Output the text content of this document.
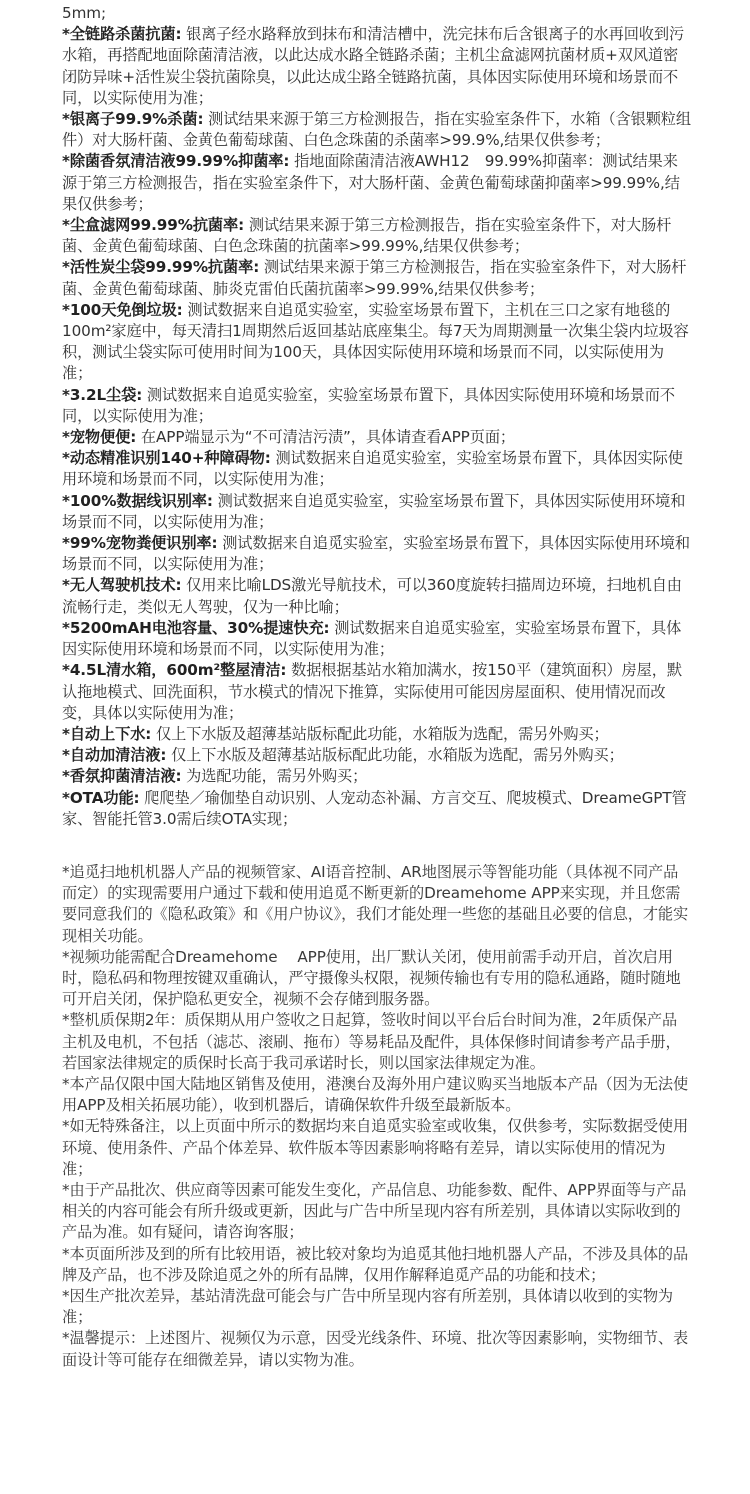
5mm;

*全链路杀菌抗菌: 银离子经水路释放到抹布和清洁槽中，洗完抹布后含银离子的水再回收到污水箱，再搭配地面除菌清洁液，以此达成水路全链路杀菌；主机尘盒滤网抗菌材质+双风道密闭防异味+活性炭尘袋抗菌除臭，以此达成尘路全链路抗菌，具体因实际使用环境和场景而不同，以实际使用为准；

*银离子99.9%杀菌: 测试结果来源于第三方检测报告，指在实验室条件下，水箱（含银颗粒组件）对大肠杆菌、金黄色葡萄球菌、白色念珠菌的杀菌率>99.9%,结果仅供参考；

*除菌香氛清洁液99.99%抑菌率: 指地面除菌清洁液AWH12　99.99%抑菌率：测试结果来源于第三方检测报告，指在实验室条件下，对大肠杆菌、金黄色葡萄球菌抑菌率>99.99%,结果仅供参考；

*尘盒滤网99.99%抗菌率: 测试结果来源于第三方检测报告，指在实验室条件下，对大肠杆菌、金黄色葡萄球菌、白色念珠菌的抗菌率>99.99%,结果仅供参考；

*活性炭尘袋99.99%抗菌率: 测试结果来源于第三方检测报告，指在实验室条件下，对大肠杆菌、金黄色葡萄球菌、肺炎克雷伯氏菌抗菌率>99.99%,结果仅供参考；

*100天免倒垃圾: 测试数据来自追觅实验室，实验室场景布置下，主机在三口之家有地毯的100m²家庭中，每天清扫1周期然后返回基站底座集尘。每7天为周期测量一次集尘袋内垃圾容积，测试尘袋实际可使用时间为100天，具体因实际使用环境和场景而不同，以实际使用为准；

*3.2L尘袋: 测试数据来自追觅实验室，实验室场景布置下，具体因实际使用环境和场景而不同，以实际使用为准；

*宠物便便: 在APP端显示为“不可清洁污渍”，具体请查看APP页面；

*动态精准识别140+种障碍物: 测试数据来自追觅实验室，实验室场景布置下，具体因实际使用环境和场景而不同，以实际使用为准；

*100%数据线识别率: 测试数据来自追觅实验室，实验室场景布置下，具体因实际使用环境和场景而不同，以实际使用为准；

*99%宠物粪便识别率: 测试数据来自追觅实验室，实验室场景布置下，具体因实际使用环境和场景而不同，以实际使用为准；

*无人驾驶机技术: 仅用来比喻LDS激光导航技术，可以360度旋转扫描周边环境，扫地机自由流畅行走，类似无人驾驶，仅为一种比喻；

*5200mAH电池容量、30%提速快充: 测试数据来自追觅实验室，实验室场景布置下，具体因实际使用环境和场景而不同，以实际使用为准；

*4.5L清水箱，600m²整屋清洁: 数据根据基站水箱加满水，按150平（建筑面积）房屋，默认拖地模式、回洗面积，节水模式的情况下推算，实际使用可能因房屋面积、使用情况而改变，具体以实际使用为准；

*自动上下水: 仅上下水版及超薄基站版标配此功能，水箱版为选配，需另外购买；

*自动加清洁液: 仅上下水版及超薄基站版标配此功能，水箱版为选配，需另外购买；

*香氛抑菌清洁液: 为选配功能，需另外购买；

*OTA功能: 爬爬垫／瑜伽垫自动识别、人宠动态补漏、方言交互、爬坡模式、DreameGPT管家、智能托管3.0需后续OTA实现；

*追觅扫地机机器人产品的视频管家、AI语音控制、AR地图展示等智能功能（具体视不同产品而定）的实现需要用户通过下载和使用追觅不断更新的Dreamehome APP来实现，并且您需要同意我们的《隐私政策》和《用户协议》，我们才能处理一些您的基础且必要的信息，才能实现相关功能。

*视频功能需配合Dreamehome　 APP使用，出厂默认关闭，使用前需手动开启，首次启用时，隐私码和物理按键双重确认，严守摄像头权限，视频传输也有专用的隐私通路，随时随地可开启关闭，保护隐私更安全，视频不会存储到服务器。

*整机质保期2年：质保期从用户签收之日起算，签收时间以平台后台时间为准，2年质保产品主机及电机，不包括（滤芯、滚刷、拖布）等易耗品及配件，具体保修时间请参考产品手册，若国家法律规定的质保时长高于我司承诺时长，则以国家法律规定为准。

*本产品仅限中国大陆地区销售及使用，港澳台及海外用户建议购买当地版本产品（因为无法使用APP及相关拓展功能），收到机器后，请确保软件升级至最新版本。

*如无特殊备注，以上页面中所示的数据均来自追觅实验室或收集，仅供参考，实际数据受使用环境、使用条件、产品个体差异、软件版本等因素影响将略有差异，请以实际使用的情况为准；

*由于产品批次、供应商等因素可能发生变化，产品信息、功能参数、配件、APP界面等与产品相关的内容可能会有所升级或更新，因此与广告中所呈现内容有所差别，具体请以实际收到的产品为准。如有疑问，请咨询客服；

*本页面所涉及到的所有比较用语，被比较对象均为追觅其他扫地机器人产品，不涉及具体的品牌及产品，也不涉及除追觅之外的所有品牌，仅用作解释追觅产品的功能和技术；

*因生产批次差异，基站清洗盘可能会与广告中所呈现内容有所差别，具体请以收到的实物为准；

*温馨提示：上述图片、视频仅为示意，因受光线条件、环境、批次等因素影响，实物细节、表面设计等可能存在细微差异，请以实物为准。
